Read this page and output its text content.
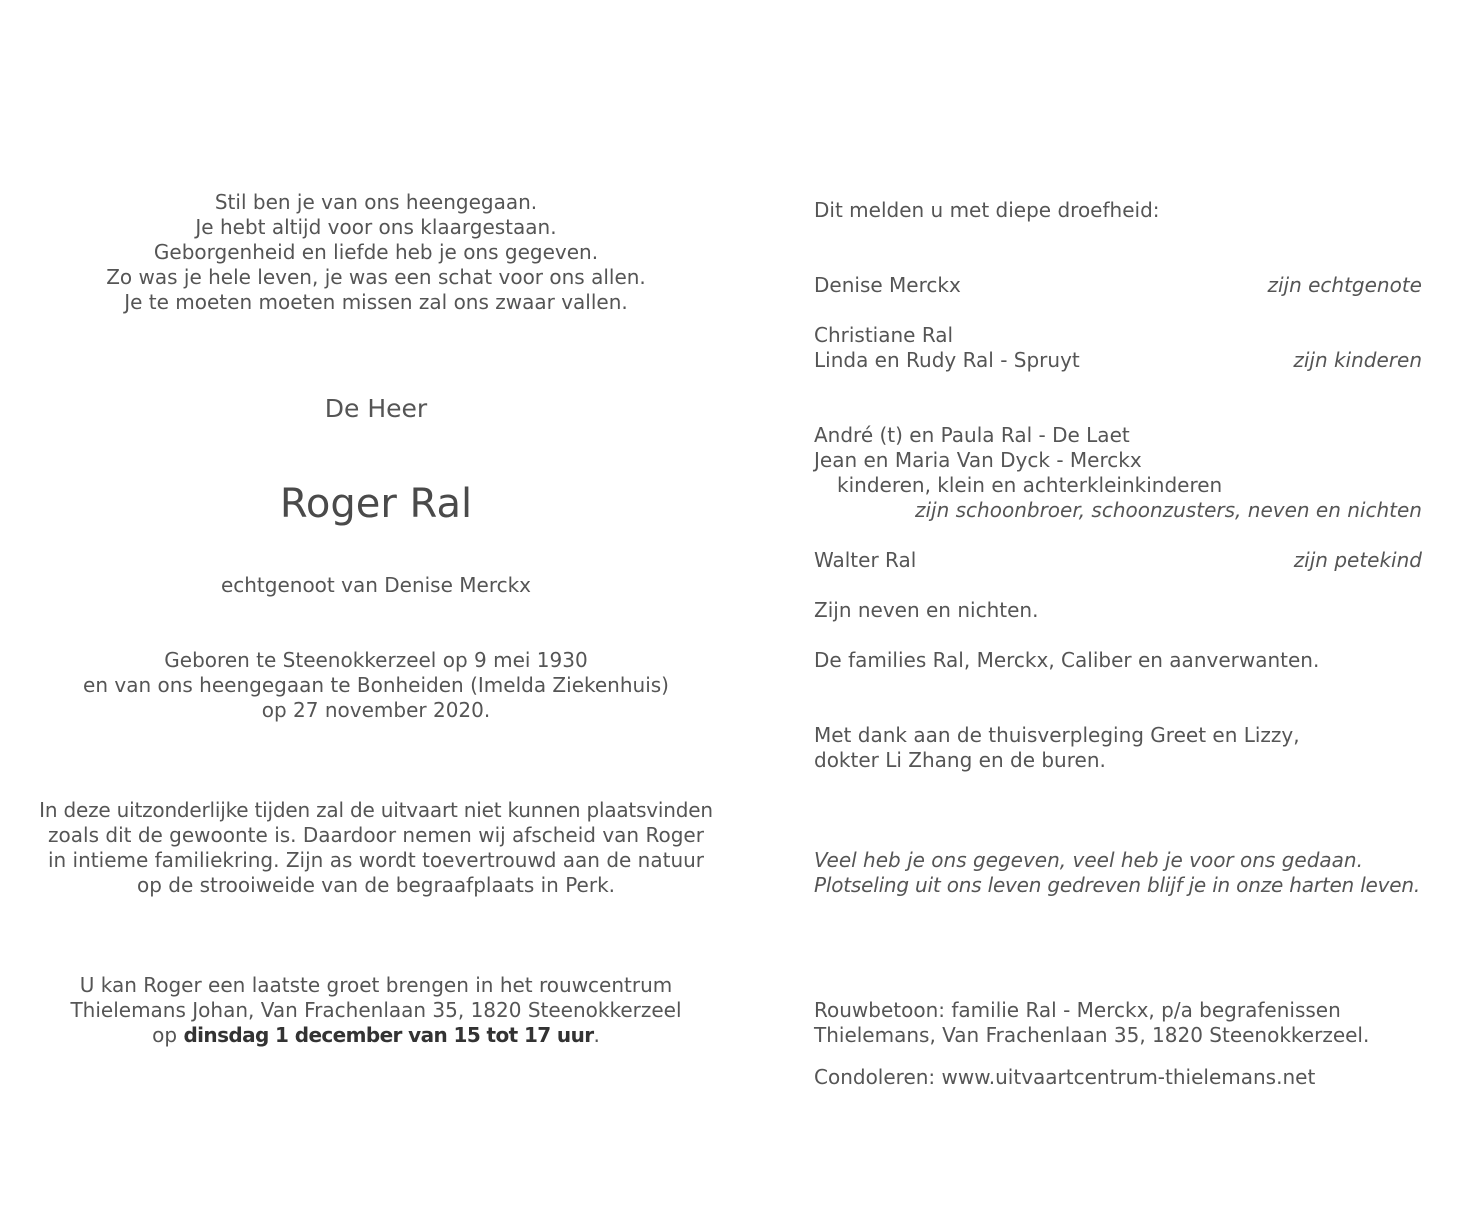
Stil ben je van ons heengegaan.
Je hebt altijd voor ons klaargestaan.
Geborgenheid en liefde heb je ons gegeven.
Zo was je hele leven, je was een schat voor ons allen.
Je te moeten moeten missen zal ons zwaar vallen.
De Heer
Roger Ral
echtgenoot van Denise Merckx
Geboren te Steenokkerzeel op 9 mei 1930
en van ons heengegaan te Bonheiden (Imelda Ziekenhuis)
op 27 november 2020.
In deze uitzonderlijke tijden zal de uitvaart niet kunnen plaatsvinden
zoals dit de gewoonte is. Daardoor nemen wij afscheid van Roger
in intieme familiekring. Zijn as wordt toevertrouwd aan de natuur
op de strooiweide van de begraafplaats in Perk.
U kan Roger een laatste groet brengen in het rouwcentrum
Thielemans Johan, Van Frachenlaan 35, 1820 Steenokkerzeel
op dinsdag 1 december van 15 tot 17 uur.
Dit melden u met diepe droefheid:
Denise Merckx	zijn echtgenote
Christiane Ral
Linda en Rudy Ral - Spruyt	zijn kinderen
André (t) en Paula Ral - De Laet
Jean en Maria Van Dyck - Merckx
kinderen, klein en achterkleinkinderen
zijn schoonbroer, schoonzusters, neven en nichten
Walter Ral	zijn petekind
Zijn neven en nichten.
De families Ral, Merckx, Caliber en aanverwanten.
Met dank aan de thuisverpleging Greet en Lizzy,
dokter Li Zhang en de buren.
Veel heb je ons gegeven, veel heb je voor ons gedaan.
Plotseling uit ons leven gedreven blijf je in onze harten leven.
Rouwbetoon: familie Ral - Merckx, p/a begrafenissen
Thielemans, Van Frachenlaan 35, 1820 Steenokkerzeel.
Condoleren: www.uitvaartcentrum-thielemans.net
